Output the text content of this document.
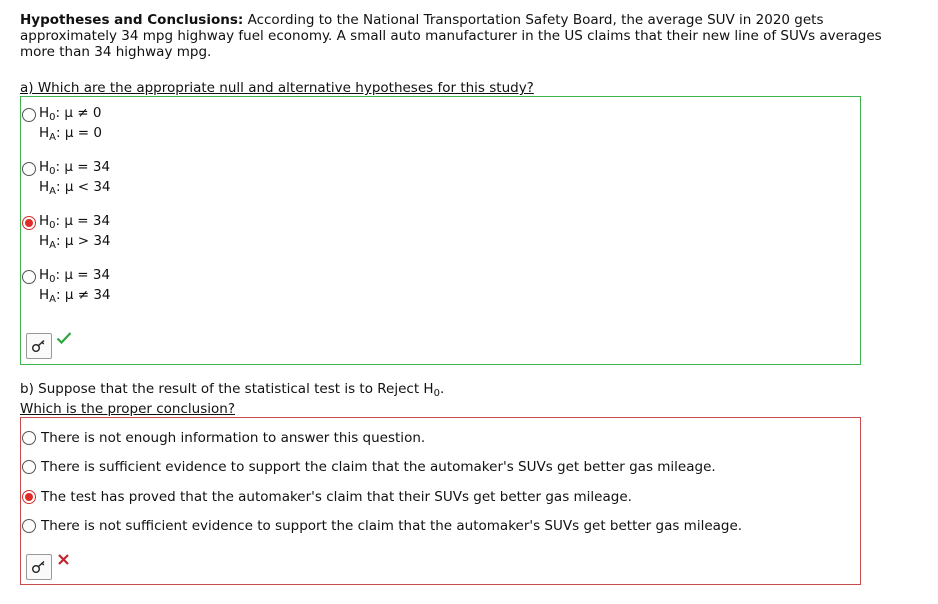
Hypotheses and Conclusions: According to the National Transportation Safety Board, the average SUV in 2020 gets approximately 34 mpg highway fuel economy. A small auto manufacturer in the US claims that their new line of SUVs averages more than 34 highway mpg.
a) Which are the appropriate null and alternative hypotheses for this study?
$H_0$: μ ≠ 0
$H_A$: μ = 0
$H_0$: μ = 34
$H_A$: μ < 34
$H_0$: μ = 34
$H_A$: μ > 34
$H_0$: μ = 34
$H_A$: μ ≠ 34
b) Suppose that the result of the statistical test is to Reject $H_0$.
Which is the proper conclusion?
There is not enough information to answer this question.
There is sufficient evidence to support the claim that the automaker's SUVs get better gas mileage.
The test has proved that the automaker's claim that their SUVs get better gas mileage.
There is not sufficient evidence to support the claim that the automaker's SUVs get better gas mileage.
